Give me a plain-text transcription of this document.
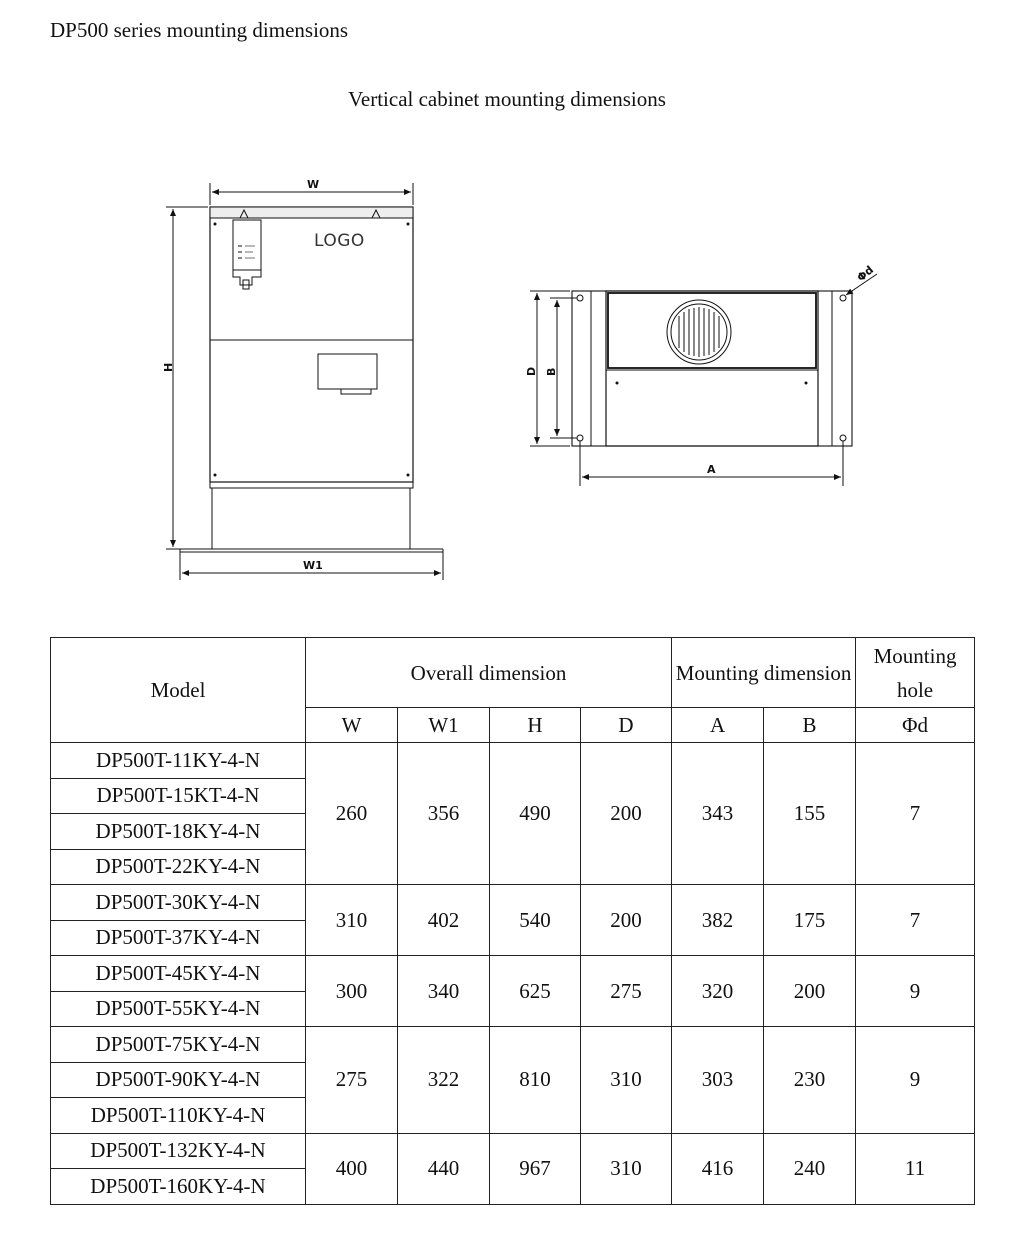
DP500 series mounting dimensions
Vertical cabinet mounting dimensions
LOGO
W
H
W1
D B
A
Φd
Model	Overall dimension				Mounting dimension		Mounting hole
	W	W1	H	D	A	B	Φd
DP500T-11KY-4-N	260	356	490	200	343	155	7
DP500T-15KT-4-N							
DP500T-18KY-4-N							
DP500T-22KY-4-N							
DP500T-30KY-4-N	310	402	540	200	382	175	7
DP500T-37KY-4-N							
DP500T-45KY-4-N	300	340	625	275	320	200	9
DP500T-55KY-4-N							
DP500T-75KY-4-N	275	322	810	310	303	230	9
DP500T-90KY-4-N							
DP500T-110KY-4-N							
DP500T-132KY-4-N	400	440	967	310	416	240	11
DP500T-160KY-4-N							
